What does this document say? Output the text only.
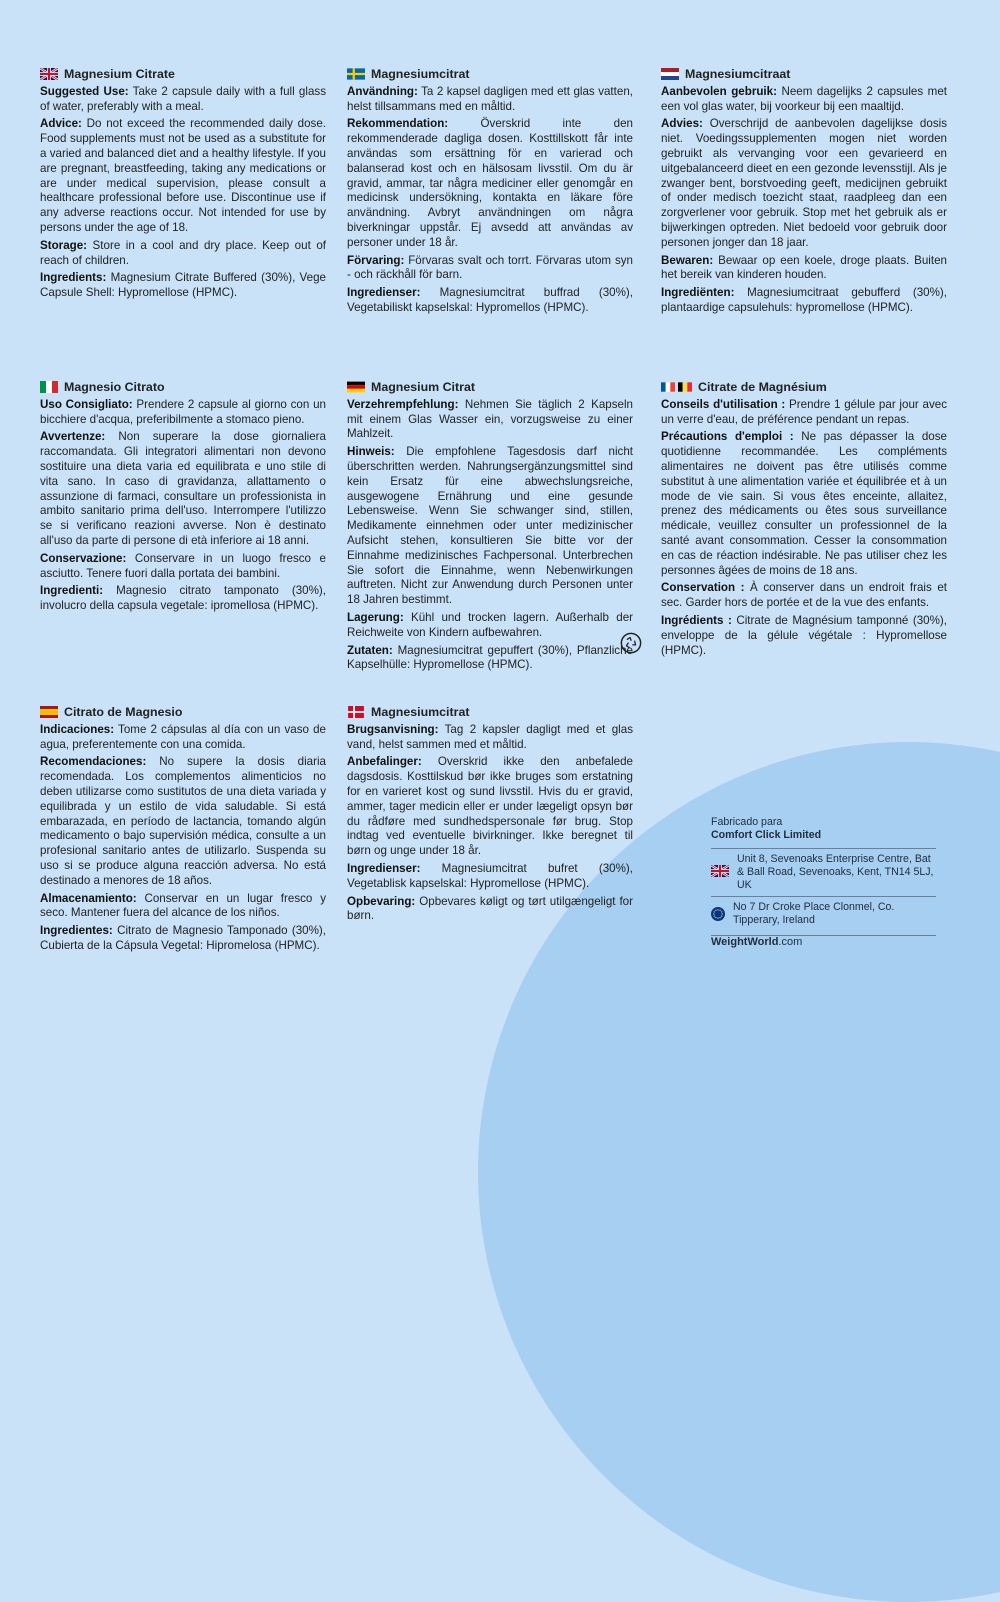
Magnesium Citrate

Suggested Use: Take 2 capsule daily with a full glass of water, preferably with a meal.

Advice: Do not exceed the recommended daily dose. Food supplements must not be used as a substitute for a varied and balanced diet and a healthy lifestyle. If you are pregnant, breastfeeding, taking any medications or are under medical supervision, please consult a healthcare professional before use. Discontinue use if any adverse reactions occur. Not intended for use by persons under the age of 18.

Storage: Store in a cool and dry place. Keep out of reach of children.

Ingredients: Magnesium Citrate Buffered (30%), Vege Capsule Shell: Hypromellose (HPMC).

Magnesiumcitrat

Användning: Ta 2 kapsel dagligen med ett glas vatten, helst tillsammans med en måltid.

Rekommendation: Överskrid inte den rekommenderade dagliga dosen. Kosttillskott får inte användas som ersättning för en varierad och balanserad kost och en hälsosam livsstil. Om du är gravid, ammar, tar några mediciner eller genomgår en medicinsk undersökning, kontakta en läkare före användning. Avbryt användningen om några biverkningar uppstår. Ej avsedd att användas av personer under 18 år.

Förvaring: Förvaras svalt och torrt. Förvaras utom syn - och räckhåll för barn.

Ingredienser: Magnesiumcitrat buffrad (30%), Vegetabiliskt kapselskal: Hypromellos (HPMC).

Magnesiumcitraat

Aanbevolen gebruik: Neem dagelijks 2 capsules met een vol glas water, bij voorkeur bij een maaltijd.

Advies: Overschrijd de aanbevolen dagelijkse dosis niet. Voedingssupplementen mogen niet worden gebruikt als vervanging voor een gevarieerd en uitgebalanceerd dieet en een gezonde levensstijl. Als je zwanger bent, borstvoeding geeft, medicijnen gebruikt of onder medisch toezicht staat, raadpleeg dan een zorgverlener voor gebruik. Stop met het gebruik als er bijwerkingen optreden. Niet bedoeld voor gebruik door personen jonger dan 18 jaar.

Bewaren: Bewaar op een koele, droge plaats. Buiten het bereik van kinderen houden.

Ingrediënten: Magnesiumcitraat gebufferd (30%), plantaardige capsulehuls: hypromellose (HPMC).

Magnesio Citrato

Uso Consigliato: Prendere 2 capsule al giorno con un bicchiere d'acqua, preferibilmente a stomaco pieno.

Avvertenze: Non superare la dose giornaliera raccomandata. Gli integratori alimentari non devono sostituire una dieta varia ed equilibrata e uno stile di vita sano. In caso di gravidanza, allattamento o assunzione di farmaci, consultare un professionista in ambito sanitario prima dell'uso. Interrompere l'utilizzo se si verificano reazioni avverse. Non è destinato all'uso da parte di persone di età inferiore ai 18 anni.

Conservazione: Conservare in un luogo fresco e asciutto. Tenere fuori dalla portata dei bambini.

Ingredienti: Magnesio citrato tamponato (30%), involucro della capsula vegetale: ipromellosa (HPMC).

Magnesium Citrat

Verzehrempfehlung: Nehmen Sie täglich 2 Kapseln mit einem Glas Wasser ein, vorzugsweise zu einer Mahlzeit.

Hinweis: Die empfohlene Tagesdosis darf nicht überschritten werden. Nahrungsergänzungsmittel sind kein Ersatz für eine abwechslungsreiche, ausgewogene Ernährung und eine gesunde Lebensweise. Wenn Sie schwanger sind, stillen, Medikamente einnehmen oder unter medizinischer Aufsicht stehen, konsultieren Sie bitte vor der Einnahme medizinisches Fachpersonal. Unterbrechen Sie sofort die Einnahme, wenn Nebenwirkungen auftreten. Nicht zur Anwendung durch Personen unter 18 Jahren bestimmt.

Lagerung: Kühl und trocken lagern. Außerhalb der Reichweite von Kindern aufbewahren.

Zutaten: Magnesiumcitrat gepuffert (30%), Pflanzliche Kapselhülle: Hypromellose (HPMC).

Citrate de Magnésium

Conseils d'utilisation : Prendre 1 gélule par jour avec un verre d'eau, de préférence pendant un repas.

Précautions d'emploi : Ne pas dépasser la dose quotidienne recommandée. Les compléments alimentaires ne doivent pas être utilisés comme substitut à une alimentation variée et équilibrée et à un mode de vie sain. Si vous êtes enceinte, allaitez, prenez des médicaments ou êtes sous surveillance médicale, veuillez consulter un professionnel de la santé avant consommation. Cesser la consommation en cas de réaction indésirable. Ne pas utiliser chez les personnes âgées de moins de 18 ans.

Conservation : À conserver dans un endroit frais et sec. Garder hors de portée et de la vue des enfants.

Ingrédients : Citrate de Magnésium tamponné (30%), enveloppe de la gélule végétale : Hypromellose (HPMC).

Citrato de Magnesio

Indicaciones: Tome 2 cápsulas al día con un vaso de agua, preferentemente con una comida.

Recomendaciones: No supere la dosis diaria recomendada. Los complementos alimenticios no deben utilizarse como sustitutos de una dieta variada y equilibrada y un estilo de vida saludable. Si está embarazada, en período de lactancia, tomando algún medicamento o bajo supervisión médica, consulte a un profesional sanitario antes de utilizarlo. Suspenda su uso si se produce alguna reacción adversa. No está destinado a menores de 18 años.

Almacenamiento: Conservar en un lugar fresco y seco. Mantener fuera del alcance de los niños.

Ingredientes: Citrato de Magnesio Tamponado (30%), Cubierta de la Cápsula Vegetal: Hipromelosa (HPMC).

Magnesiumcitrat

Brugsanvisning: Tag 2 kapsler dagligt med et glas vand, helst sammen med et måltid.

Anbefalinger: Overskrid ikke den anbefalede dagsdosis. Kosttilskud bør ikke bruges som erstatning for en varieret kost og sund livsstil. Hvis du er gravid, ammer, tager medicin eller er under lægeligt opsyn bør du rådføre med sundhedspersonale før brug. Stop indtag ved eventuelle bivirkninger. Ikke beregnet til børn og unge under 18 år.

Ingredienser: Magnesiumcitrat bufret (30%), Vegetablisk kapselskal: Hypromellose (HPMC).

Opbevaring: Opbevares køligt og tørt utilgængeligt for børn.

Fabricado para
Comfort Click Limited
Unit 8, Sevenoaks Enterprise Centre, Bat & Ball Road, Sevenoaks, Kent, TN14 5LJ, UK
No 7 Dr Croke Place Clonmel, Co. Tipperary, Ireland
WeightWorld.com
